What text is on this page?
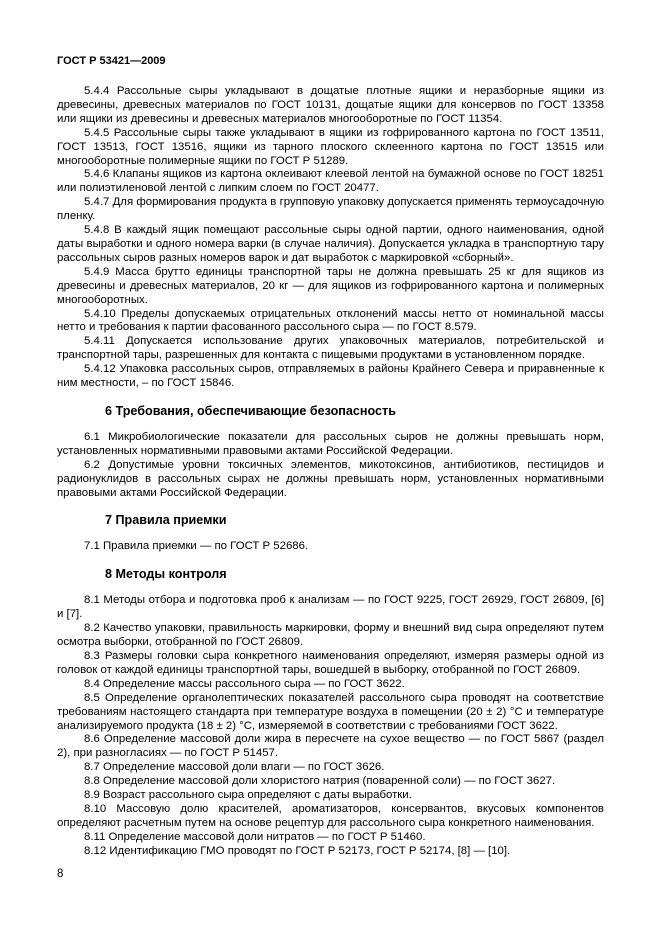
ГОСТ Р 53421—2009

5.4.4 Рассольные сыры укладывают в дощатые плотные ящики и неразборные ящики из древесины, древесных материалов по ГОСТ 10131, дощатые ящики для консервов по ГОСТ 13358 или ящики из древесины и древесных материалов многооборотные по ГОСТ 11354.

5.4.5 Рассольные сыры также укладывают в ящики из гофрированного картона по ГОСТ 13511, ГОСТ 13513, ГОСТ 13516, ящики из тарного плоского склеенного картона по ГОСТ 13515 или многооборотные полимерные ящики по ГОСТ Р 51289.

5.4.6 Клапаны ящиков из картона оклеивают клеевой лентой на бумажной основе по ГОСТ 18251 или полиэтиленовой лентой с липким слоем по ГОСТ 20477.

5.4.7 Для формирования продукта в групповую упаковку допускается применять термоусадочную пленку.

5.4.8 В каждый ящик помещают рассольные сыры одной партии, одного наименования, одной даты выработки и одного номера варки (в случае наличия). Допускается укладка в транспортную тару рассольных сыров разных номеров варок и дат выработок с маркировкой «сборный».

5.4.9 Масса брутто единицы транспортной тары не должна превышать 25 кг для ящиков из древесины и древесных материалов, 20 кг — для ящиков из гофрированного картона и полимерных многооборотных.

5.4.10 Пределы допускаемых отрицательных отклонений массы нетто от номинальной массы нетто и требования к партии фасованного рассольного сыра — по ГОСТ 8.579.

5.4.11 Допускается использование других упаковочных материалов, потребительской и транспортной тары, разрешенных для контакта с пищевыми продуктами в установленном порядке.

5.4.12 Упаковка рассольных сыров, отправляемых в районы Крайнего Севера и приравненные к ним местности, – по ГОСТ 15846.

6 Требования, обеспечивающие безопасность

6.1 Микробиологические показатели для рассольных сыров не должны превышать норм, установленных нормативными правовыми актами Российской Федерации.

6.2 Допустимые уровни токсичных элементов, микотоксинов, антибиотиков, пестицидов и радионуклидов в рассольных сырах не должны превышать норм, установленных нормативными правовыми актами Российской Федерации.

7 Правила приемки

7.1 Правила приемки — по ГОСТ Р 52686.

8 Методы контроля

8.1 Методы отбора и подготовка проб к анализам — по ГОСТ 9225, ГОСТ 26929, ГОСТ 26809, [6] и [7].

8.2 Качество упаковки, правильность маркировки, форму и внешний вид сыра определяют путем осмотра выборки, отобранной по ГОСТ 26809.

8.3 Размеры головки сыра конкретного наименования определяют, измеряя размеры одной из головок от каждой единицы транспортной тары, вошедшей в выборку, отобранной по ГОСТ 26809.

8.4 Определение массы рассольного сыра — по ГОСТ 3622.

8.5 Определение органолептических показателей рассольного сыра проводят на соответствие требованиям настоящего стандарта при температуре воздуха в помещении (20 ± 2) °С и температуре анализируемого продукта (18 ± 2) °С, измеряемой в соответствии с требованиями ГОСТ 3622.

8.6 Определение массовой доли жира в пересчете на сухое вещество — по ГОСТ 5867 (раздел 2), при разногласиях — по ГОСТ Р 51457.

8.7 Определение массовой доли влаги — по ГОСТ 3626.

8.8 Определение массовой доли хлористого натрия (поваренной соли) — по ГОСТ 3627.

8.9 Возраст рассольного сыра определяют с даты выработки.

8.10 Массовую долю красителей, ароматизаторов, консервантов, вкусовых компонентов определяют расчетным путем на основе рецептур для рассольного сыра конкретного наименования.

8.11 Определение массовой доли нитратов — по ГОСТ Р 51460.

8.12 Идентификацию ГМО проводят по ГОСТ Р 52173, ГОСТ Р 52174, [8] — [10].

8
